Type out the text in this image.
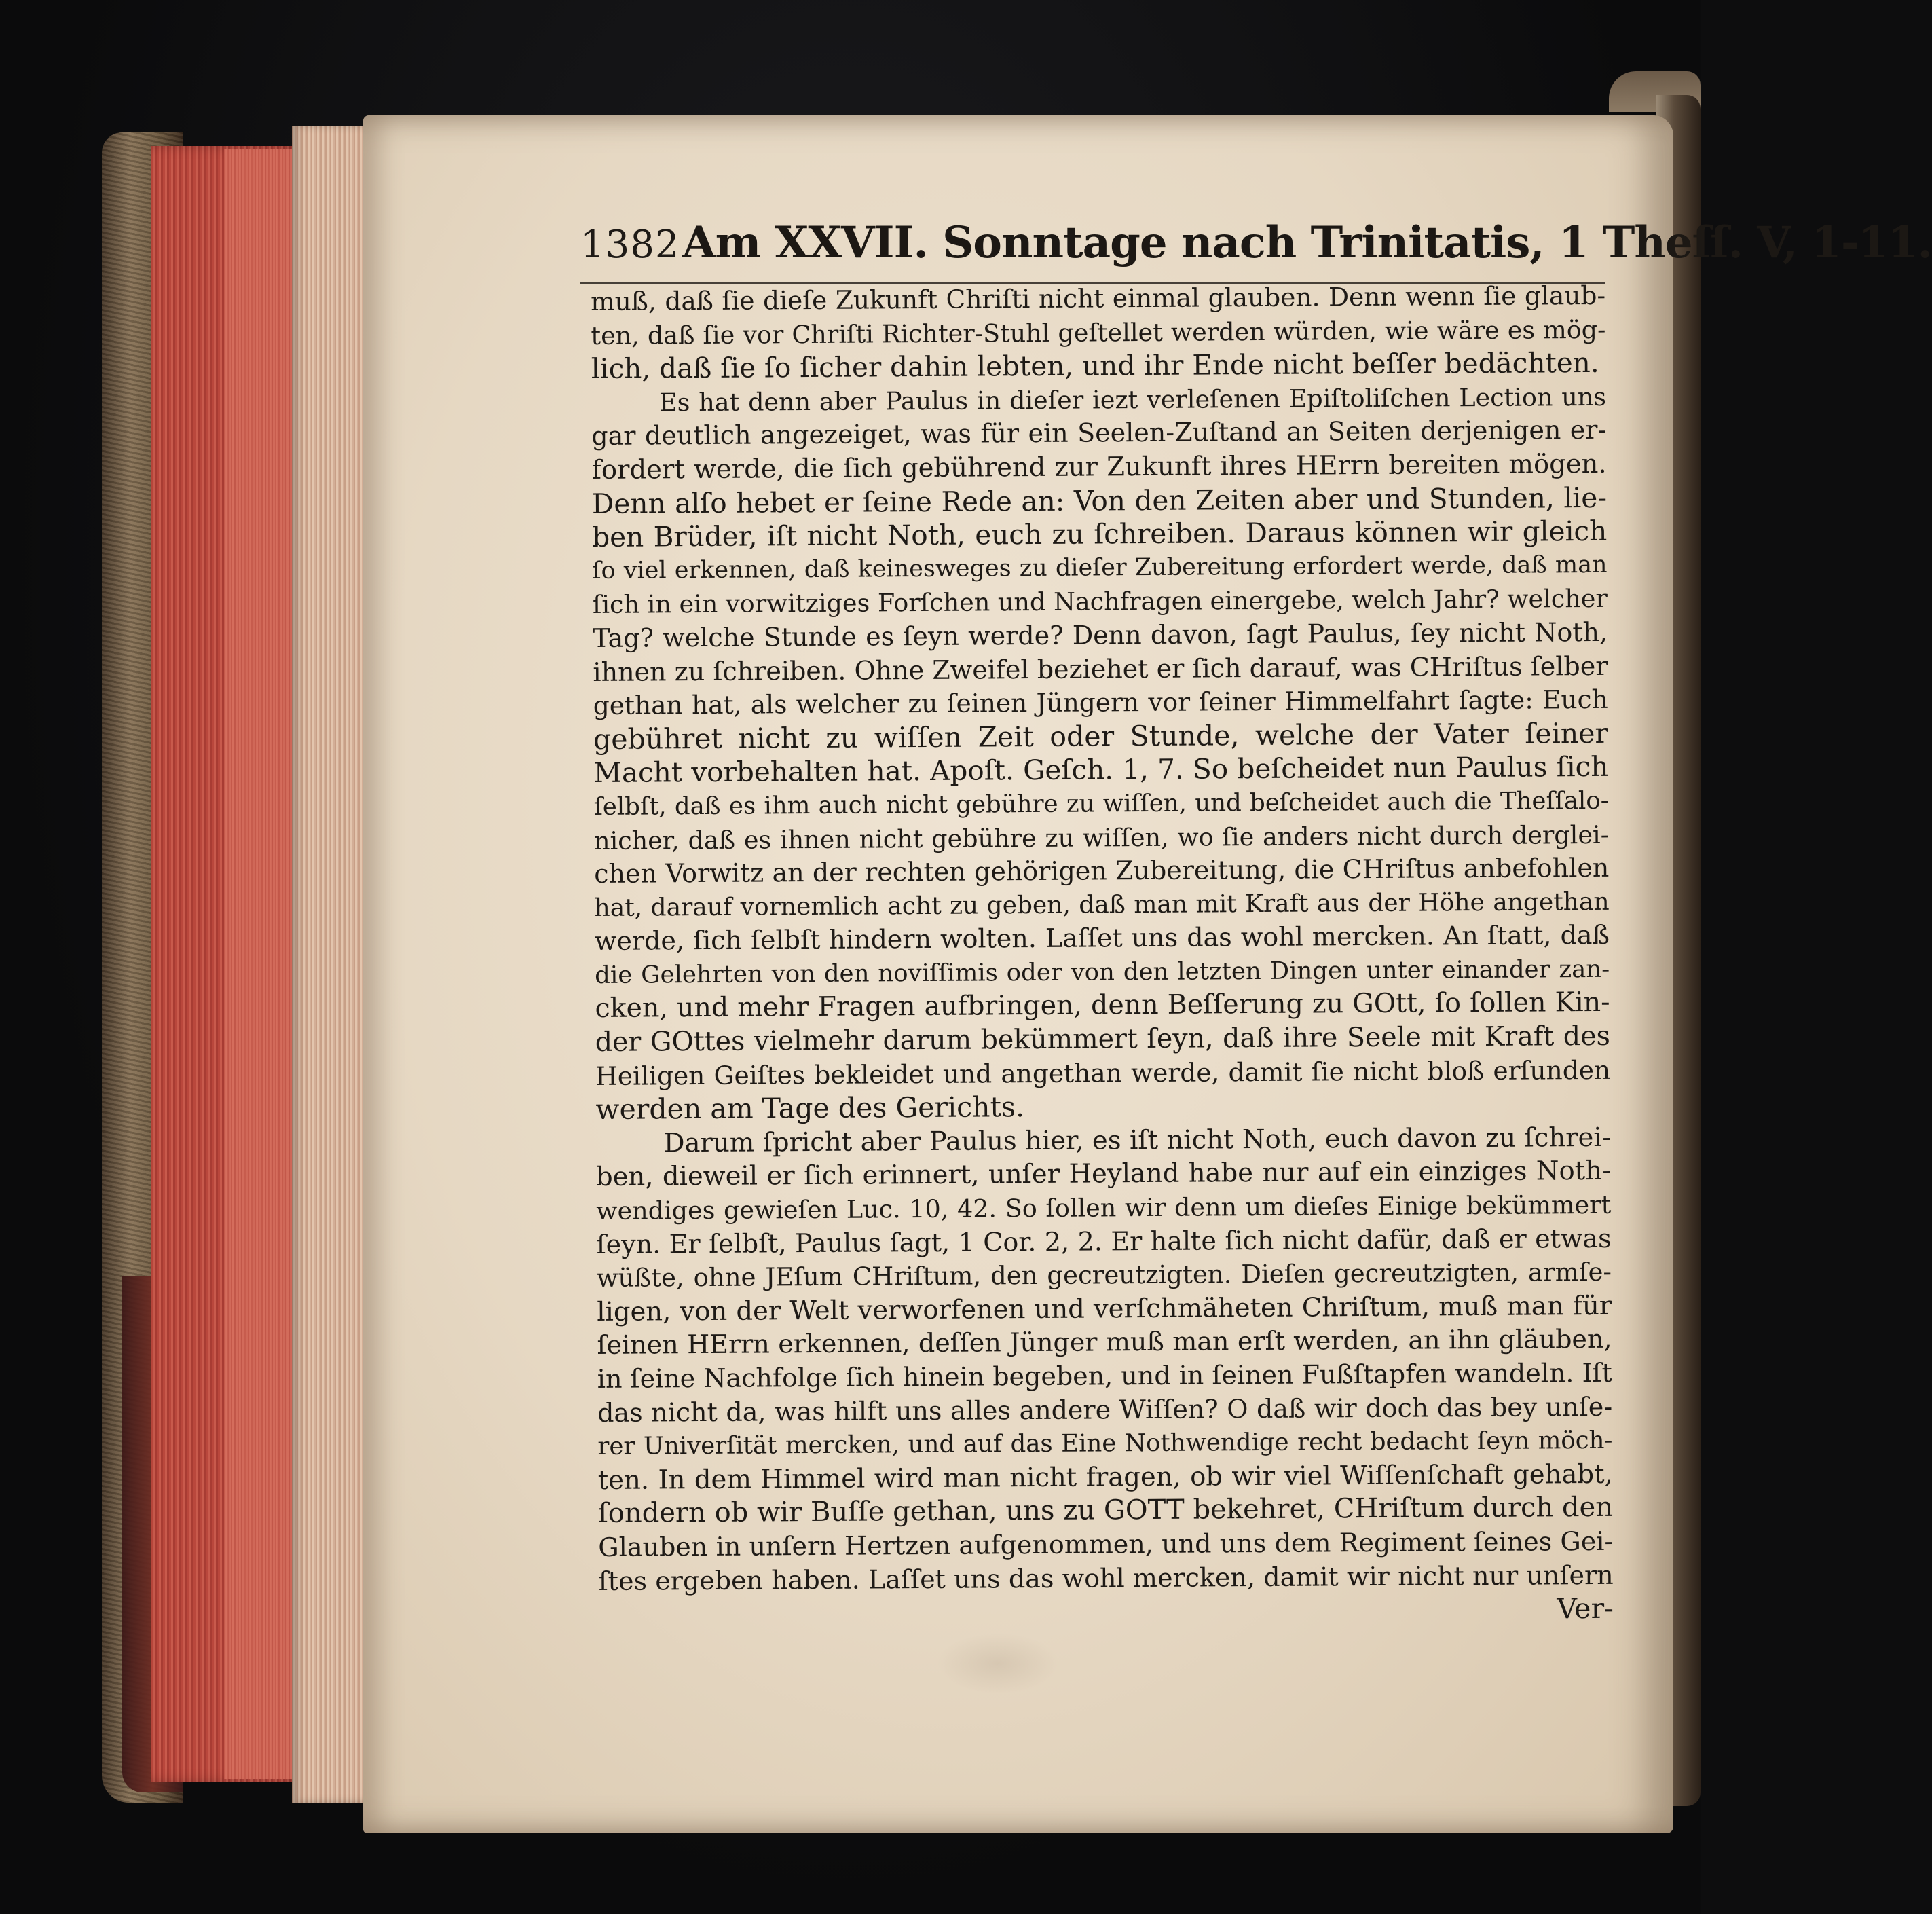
1382 Am XXVII. Sonntage nach Trinitatis, 1 Theſſ. V, 1-11.
muß, daß ſie dieſe Zukunft Chriſti nicht einmal glauben. Denn wenn ſie glaub-
ten, daß ſie vor Chriſti Richter-Stuhl geſtellet werden würden, wie wäre es mög-
lich, daß ſie ſo ſicher dahin lebten, und ihr Ende nicht beſſer bedächten.
Es hat denn aber Paulus in dieſer iezt verleſenen Epiſtoliſchen Lection uns
gar deutlich angezeiget, was für ein Seelen-Zuſtand an Seiten derjenigen er-
fordert werde, die ſich gebührend zur Zukunft ihres HErrn bereiten mögen.
Denn alſo hebet er ſeine Rede an: Von den Zeiten aber und Stunden, lie-
ben Brüder, iſt nicht Noth, euch zu ſchreiben. Daraus können wir gleich
ſo viel erkennen, daß keinesweges zu dieſer Zubereitung erfordert werde, daß man
ſich in ein vorwitziges Forſchen und Nachfragen einergebe, welch Jahr? welcher
Tag? welche Stunde es ſeyn werde? Denn davon, ſagt Paulus, ſey nicht Noth,
ihnen zu ſchreiben. Ohne Zweifel beziehet er ſich darauf, was CHriſtus ſelber
gethan hat, als welcher zu ſeinen Jüngern vor ſeiner Himmelfahrt ſagte: Euch
gebühret nicht zu wiſſen Zeit oder Stunde, welche der Vater ſeiner
Macht vorbehalten hat. Apoſt. Geſch. 1, 7. So beſcheidet nun Paulus ſich
ſelbſt, daß es ihm auch nicht gebühre zu wiſſen, und beſcheidet auch die Theſſalo-
nicher, daß es ihnen nicht gebühre zu wiſſen, wo ſie anders nicht durch derglei-
chen Vorwitz an der rechten gehörigen Zubereitung, die CHriſtus anbefohlen
hat, darauf vornemlich acht zu geben, daß man mit Kraft aus der Höhe angethan
werde, ſich ſelbſt hindern wolten. Laſſet uns das wohl mercken. An ſtatt, daß
die Gelehrten von den noviſſimis oder von den letzten Dingen unter einander zan-
cken, und mehr Fragen aufbringen, denn Beſſerung zu GOtt, ſo ſollen Kin-
der GOttes vielmehr darum bekümmert ſeyn, daß ihre Seele mit Kraft des
Heiligen Geiſtes bekleidet und angethan werde, damit ſie nicht bloß erſunden
werden am Tage des Gerichts.
Darum ſpricht aber Paulus hier, es iſt nicht Noth, euch davon zu ſchrei-
ben, dieweil er ſich erinnert, unſer Heyland habe nur auf ein einziges Noth-
wendiges gewieſen Luc. 10, 42. So ſollen wir denn um dieſes Einige bekümmert
ſeyn. Er ſelbſt, Paulus ſagt, 1 Cor. 2, 2. Er halte ſich nicht dafür, daß er etwas
wüßte, ohne JEſum CHriſtum, den gecreutzigten. Dieſen gecreutzigten, armſe-
ligen, von der Welt verworfenen und verſchmäheten Chriſtum, muß man für
ſeinen HErrn erkennen, deſſen Jünger muß man erſt werden, an ihn gläuben,
in ſeine Nachfolge ſich hinein begeben, und in ſeinen Fußſtapfen wandeln. Iſt
das nicht da, was hilft uns alles andere Wiſſen? O daß wir doch das bey unſe-
rer Univerſität mercken, und auf das Eine Nothwendige recht bedacht ſeyn möch-
ten. In dem Himmel wird man nicht fragen, ob wir viel Wiſſenſchaft gehabt,
ſondern ob wir Buſſe gethan, uns zu GOTT bekehret, CHriſtum durch den
Glauben in unſern Hertzen aufgenommen, und uns dem Regiment ſeines Gei-
ſtes ergeben haben. Laſſet uns das wohl mercken, damit wir nicht nur unſern
Ver-
